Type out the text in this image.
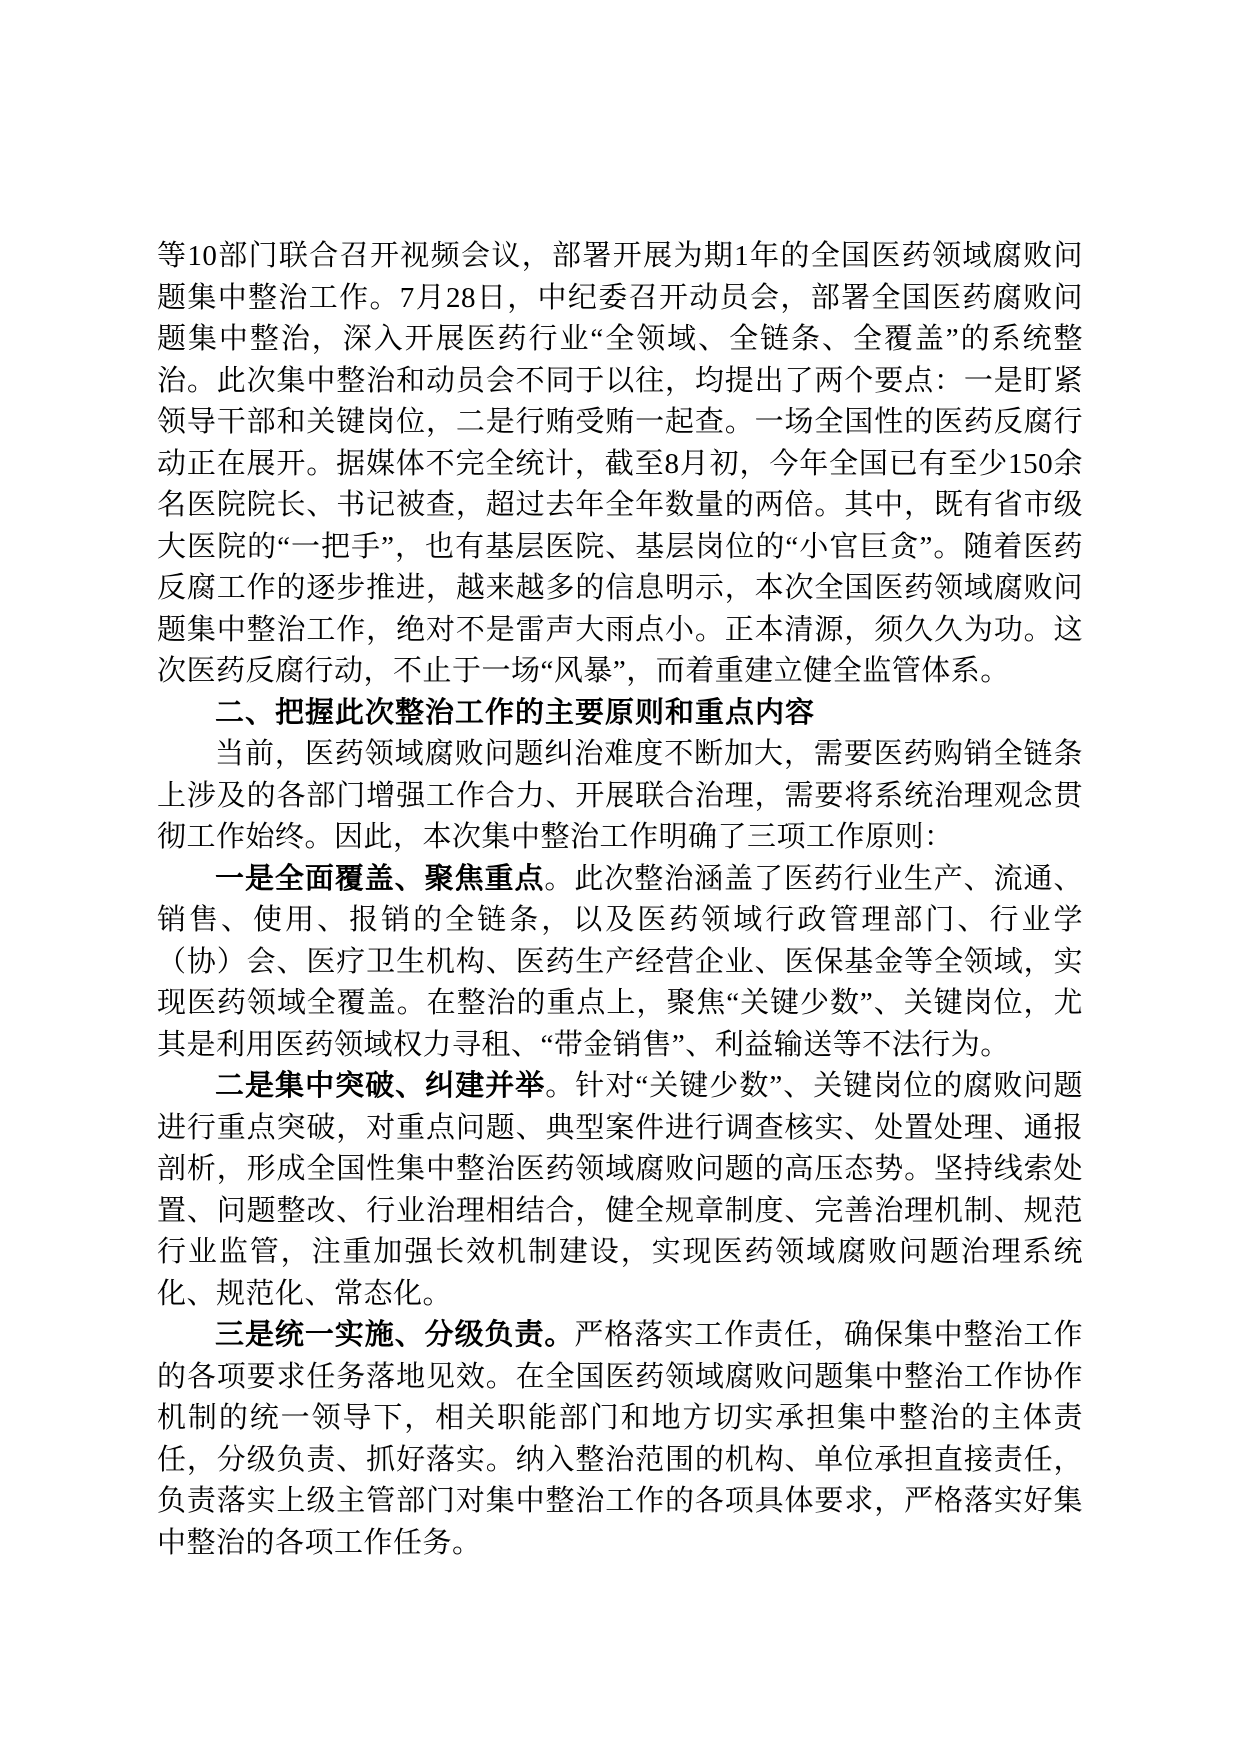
等10部门联合召开视频会议，部署开展为期1年的全国医药领域腐败问题集中整治工作。7月28日，中纪委召开动员会，部署全国医药腐败问题集中整治，深入开展医药行业“全领域、全链条、全覆盖”的系统整治。此次集中整治和动员会不同于以往，均提出了两个要点：一是盯紧领导干部和关键岗位，二是行贿受贿一起查。一场全国性的医药反腐行动正在展开。据媒体不完全统计，截至8月初，今年全国已有至少150余名医院院长、书记被查，超过去年全年数量的两倍。其中，既有省市级大医院的“一把手”，也有基层医院、基层岗位的“小官巨贪”。随着医药反腐工作的逐步推进，越来越多的信息明示，本次全国医药领域腐败问题集中整治工作，绝对不是雷声大雨点小。正本清源，须久久为功。这次医药反腐行动，不止于一场“风暴”，而着重建立健全监管体系。

二、把握此次整治工作的主要原则和重点内容

当前，医药领域腐败问题纠治难度不断加大，需要医药购销全链条上涉及的各部门增强工作合力、开展联合治理，需要将系统治理观念贯彻工作始终。因此，本次集中整治工作明确了三项工作原则：

一是全面覆盖、聚焦重点。此次整治涵盖了医药行业生产、流通、销售、使用、报销的全链条，以及医药领域行政管理部门、行业学（协）会、医疗卫生机构、医药生产经营企业、医保基金等全领域，实现医药领域全覆盖。在整治的重点上，聚焦“关键少数”、关键岗位，尤其是利用医药领域权力寻租、“带金销售”、利益输送等不法行为。

二是集中突破、纠建并举。针对“关键少数”、关键岗位的腐败问题进行重点突破，对重点问题、典型案件进行调查核实、处置处理、通报剖析，形成全国性集中整治医药领域腐败问题的高压态势。坚持线索处置、问题整改、行业治理相结合，健全规章制度、完善治理机制、规范行业监管，注重加强长效机制建设，实现医药领域腐败问题治理系统化、规范化、常态化。

三是统一实施、分级负责。严格落实工作责任，确保集中整治工作的各项要求任务落地见效。在全国医药领域腐败问题集中整治工作协作机制的统一领导下，相关职能部门和地方切实承担集中整治的主体责任，分级负责、抓好落实。纳入整治范围的机构、单位承担直接责任，负责落实上级主管部门对集中整治工作的各项具体要求，严格落实好集中整治的各项工作任务。
